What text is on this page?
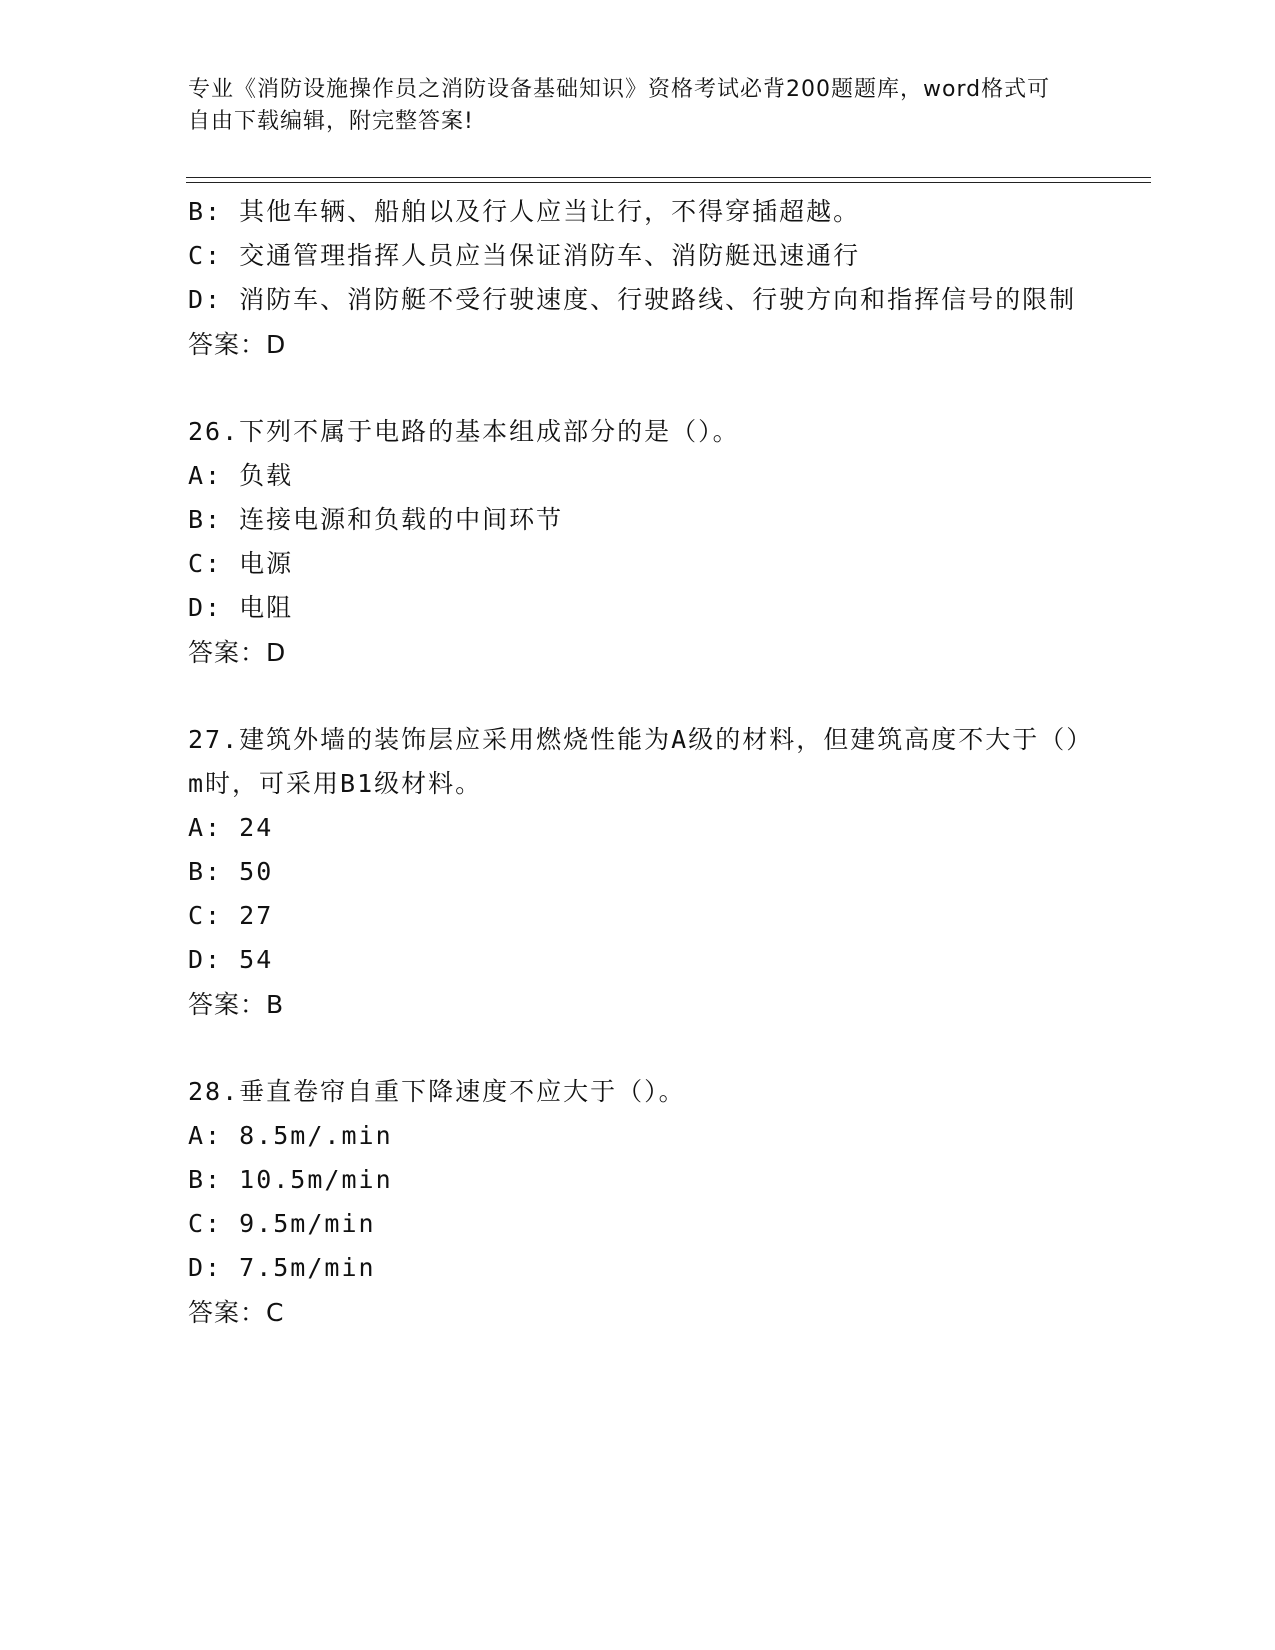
专业《消防设施操作员之消防设备基础知识》资格考试必背200题题库，word格式可自由下载编辑，附完整答案!
B: 其他车辆、船舶以及行人应当让行，不得穿插超越。
C: 交通管理指挥人员应当保证消防车、消防艇迅速通行
D: 消防车、消防艇不受行驶速度、行驶路线、行驶方向和指挥信号的限制
答案：D
26.下列不属于电路的基本组成部分的是（）。
A: 负载
B: 连接电源和负载的中间环节
C: 电源
D: 电阻
答案：D
27.建筑外墙的装饰层应采用燃烧性能为A级的材料，但建筑高度不大于（）m时，可采用B1级材料。
A: 24
B: 50
C: 27
D: 54
答案：B
28.垂直卷帘自重下降速度不应大于（）。
A: 8.5m/.min
B: 10.5m/min
C: 9.5m/min
D: 7.5m/min
答案：C
